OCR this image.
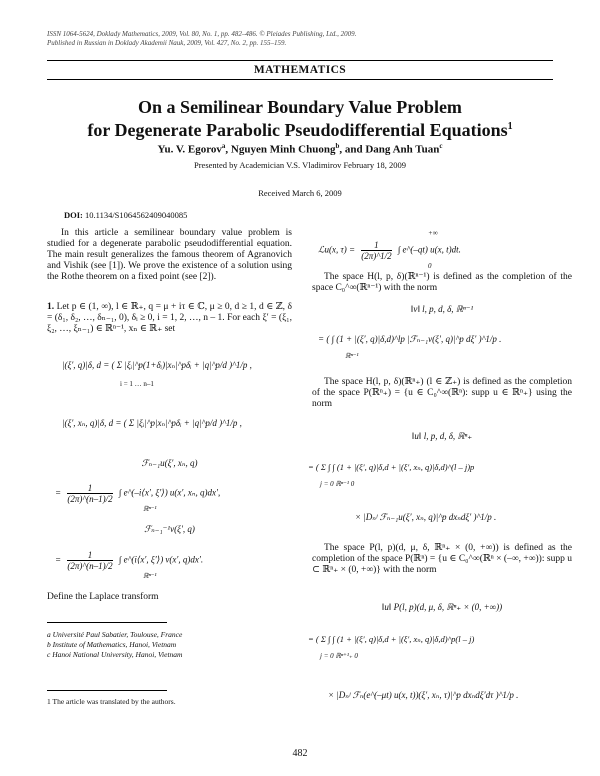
ISSN 1064-5624, Doklady Mathematics, 2009, Vol. 80, No. 1, pp. 482–486. © Pleiades Publishing, Ltd., 2009.
Published in Russian in Doklady Akademii Nauk, 2009, Vol. 427, No. 2, pp. 155–159.
MATHEMATICS
On a Semilinear Boundary Value Problem
for Degenerate Parabolic Pseudodifferential Equations$^1$
Yu. V. Egorov$^a$, Nguyen Minh Chuong$^b$, and Dang Anh Tuan$^c$
Presented by Academician V.S. Vladimirov February 18, 2009
Received March 6, 2009
DOI: 10.1134/S1064562409040085
In this article a semilinear boundary value problem is studied for a degenerate parabolic pseudodifferential equation. The main result generalizes the famous theorem of Agranovich and Vishik (see [1]). We prove the existence of a solution using the Rothe theorem on a fixed point (see [2]).
1. Let p ∈ (1, ∞), l ∈ ℝ₊, q = μ + iτ ∈ ℂ, μ ≥ 0, d ≥ 1, d ∈ ℤ, δ = (δ₁, δ₂, …, δₙ₋₁, 0), δᵢ ≥ 0, i = 1, 2, …, n – 1. For each ξ′ = (ξ₁, ξ₂, …, ξₙ₋₁) ∈ ℝⁿ⁻¹, xₙ ∈ ℝ₊ set
|(ξ′, q)|δ, d = ( Σ |ξᵢ|^p(1+δᵢ)|xₙ|^pδᵢ + |q|^p/d )^1/p ,
i = 1 … n–1
|(ξ′, xₙ, q)|δ, d = ( Σ |ξᵢ|^p|xₙ|^pδᵢ + |q|^p/d )^1/p ,
ℱₙ₋₁u(ξ′, xₙ, q)
= $\frac{1}{(2\pi)\^{}(n-1)/2}$ ∫ e^(–i⟨x′, ξ′⟩) u(x′, xₙ, q)dx′,
ℝⁿ⁻¹
ℱₙ₋₁⁻¹v(ξ′, q)
= $\frac{1}{(2\pi)\^{}(n-1)/2}$ ∫ e^(i⟨x′, ξ′⟩) v(x′, q)dx′.
ℝⁿ⁻¹
Define the Laplace transform
a Université Paul Sabatier, Toulouse, France
b Institute of Mathematics, Hanoi, Vietnam
c Hanoi National University, Hanoi, Vietnam
1 The article was translated by the authors.
ℒu(x, $\tau) = \frac{1}{(2\pi)\^{}1/2}$ ∫ e^(–qt) u(x, t)dt.
+∞
0
The space H(l, p, δ)(ℝⁿ⁻¹) is defined as the completion of the space C₀^∞(ℝⁿ⁻¹) with the norm
‖v‖ l, p, d, δ, ℝⁿ⁻¹
= ( ∫ (1 + |(ξ′, q)|δ,d)^lp |ℱₙ₋₁v(ξ′, q)|^p dξ′ )^1/p .
ℝⁿ⁻¹
The space H(l, p, δ)(ℝⁿ₊) (l ∈ ℤ₊) is defined as the completion of the space P(ℝⁿ₊) = {u ∈ C₀^∞(ℝⁿ): supp u ∈ ℝⁿ₊} using the norm
‖u‖ l, p, d, δ, ℝⁿ₊
= ( Σ ∫ ∫ (1 + |(ξ′, q)|δ,d + |(ξ′, xₙ, q)|δ,d)^(l – j)p
j = 0 ℝⁿ⁻¹ 0
× |Dₙʲ ℱₙ₋₁u(ξ′, xₙ, q)|^p dxₙdξ′ )^1/p .
The space P(l, p)(d, μ, δ, ℝⁿ₊ × (0, +∞)) is defined as the completion of the space P(ℝⁿ) = {u ∈ C₀^∞(ℝⁿ × (–∞, +∞)): supp u ⊂ ℝⁿ₊ × (0, +∞)} with the norm
‖u‖ P(l, p)(d, μ, δ, ℝⁿ₊ × (0, +∞))
= ( Σ ∫ ∫ (1 + |(ξ′, q)|δ,d + |(ξ′, xₙ, q)|δ,d)^p(l – j)
j = 0 ℝⁿ⁺¹₊ 0
× |Dₙʲ ℱₙ(e^(–μt) u(x, t))(ξ′, xₙ, τ)|^p dxₙdξ′dτ )^1/p .
482
